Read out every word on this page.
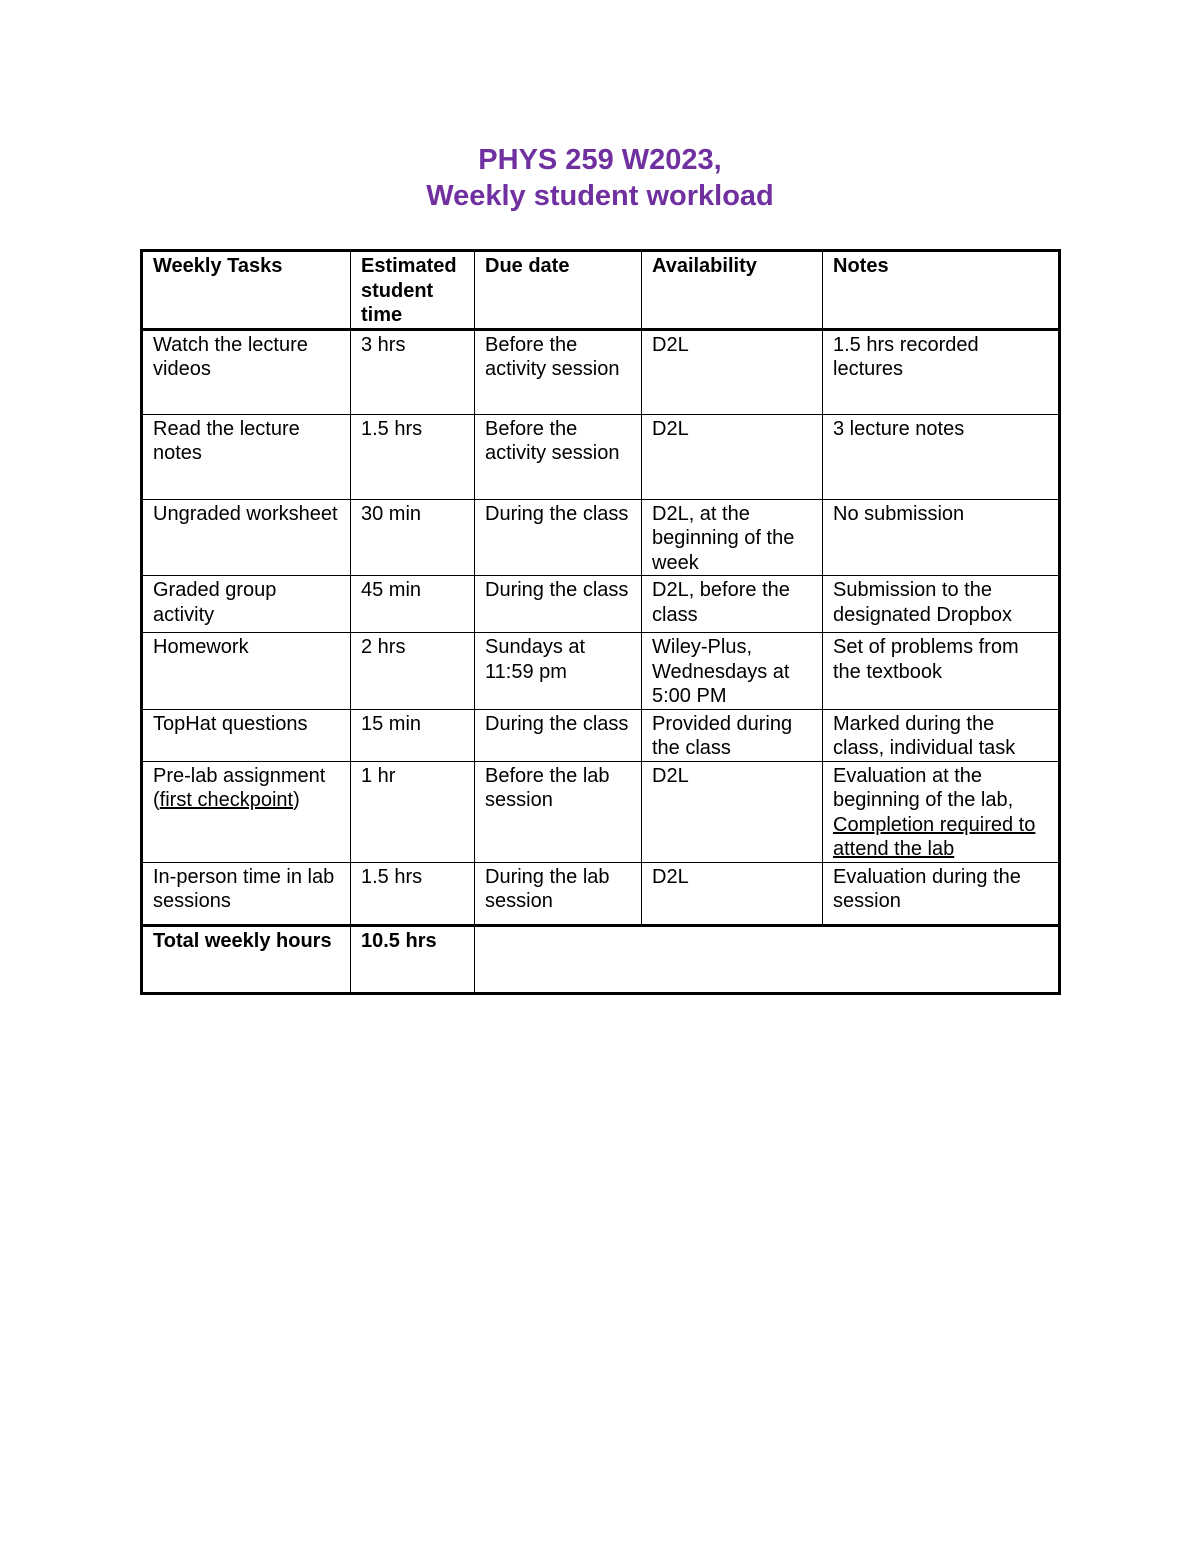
PHYS 259 W2023,
Weekly student workload
Weekly Tasks	Estimated student time	Due date	Availability	Notes
Watch the lecture videos	3 hrs	Before the activity session	D2L	1.5 hrs recorded lectures
Read the lecture notes	1.5 hrs	Before the activity session	D2L	3 lecture notes
Ungraded worksheet	30 min	During the class	D2L, at the beginning of the week	No submission
Graded group activity	45 min	During the class	D2L, before the class	Submission to the designated Dropbox
Homework	2 hrs	Sundays at 11:59 pm	Wiley-Plus, Wednesdays at 5:00 PM	Set of problems from the textbook
TopHat questions	15 min	During the class	Provided during the class	Marked during the class, individual task
Pre-lab assignment (first checkpoint)	1 hr	Before the lab session	D2L	Evaluation at the beginning of the lab, Completion required to attend the lab
In-person time in lab sessions	1.5 hrs	During the lab session	D2L	Evaluation during the session
Total weekly hours	10.5 hrs			
